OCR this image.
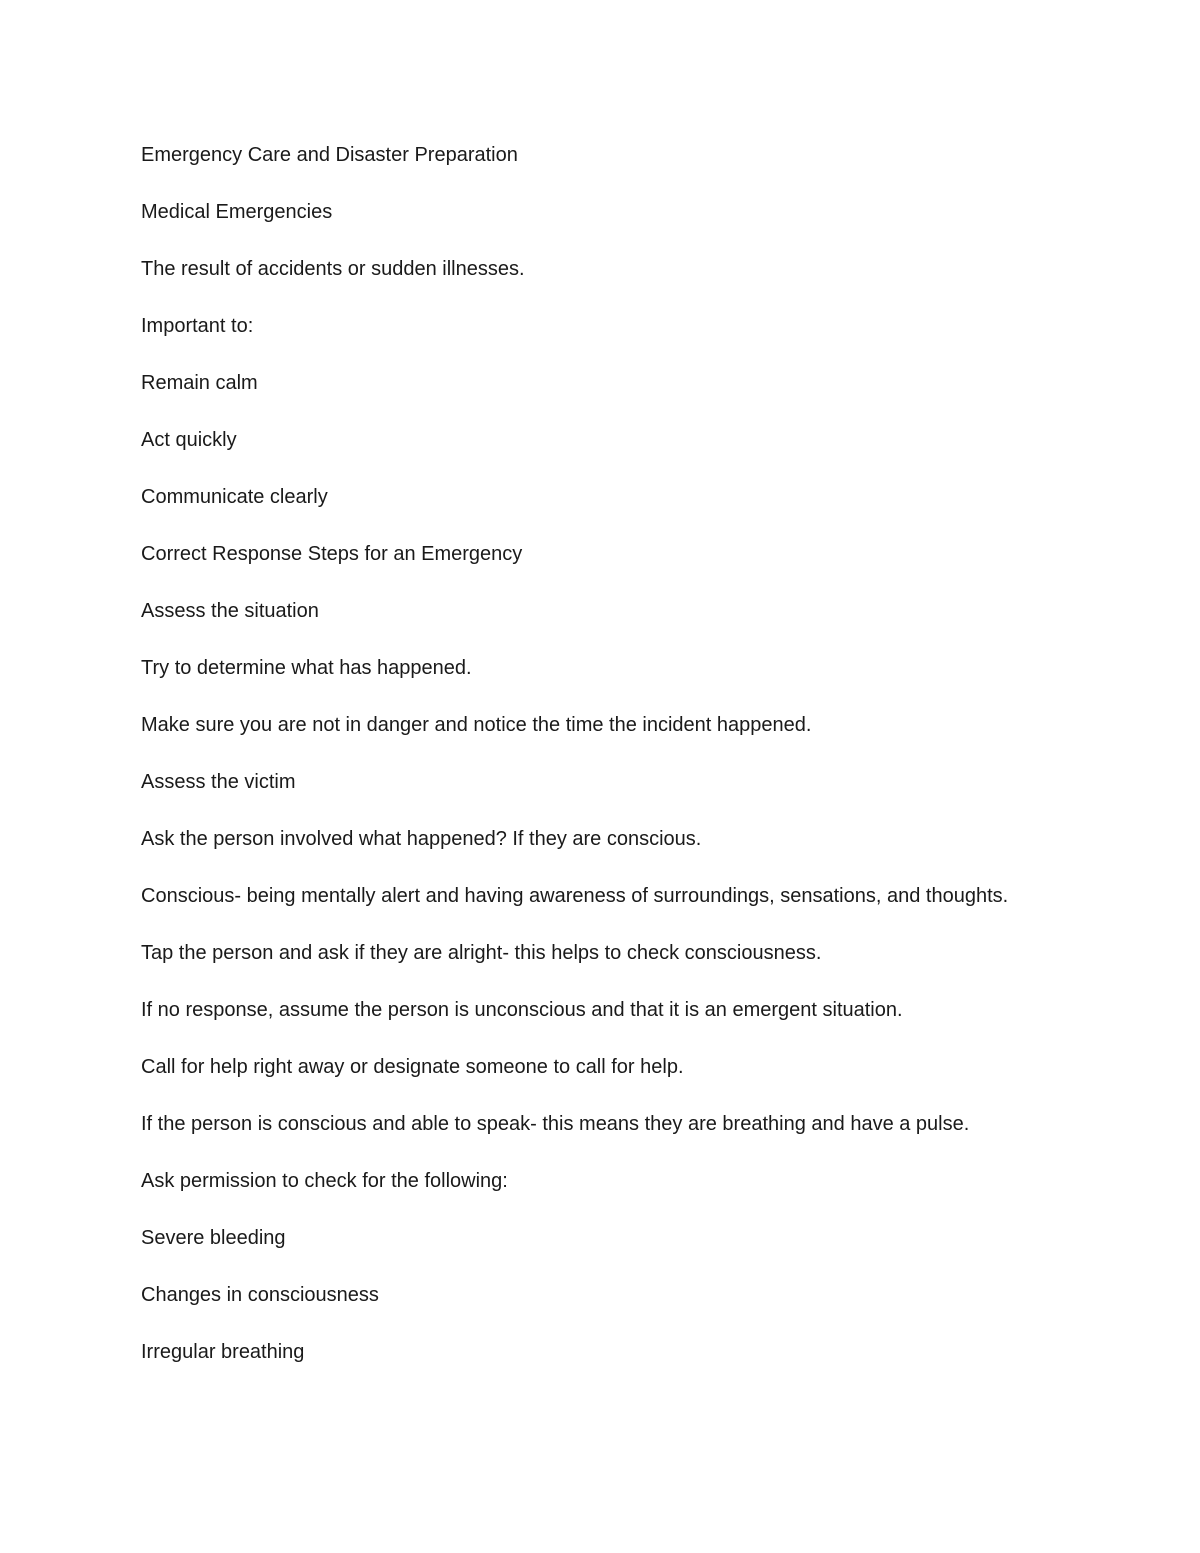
Emergency Care and Disaster Preparation

Medical Emergencies

The result of accidents or sudden illnesses.

Important to:

Remain calm

Act quickly

Communicate clearly

Correct Response Steps for an Emergency

Assess the situation

Try to determine what has happened.

Make sure you are not in danger and notice the time the incident happened.

Assess the victim

Ask the person involved what happened? If they are conscious.

Conscious- being mentally alert and having awareness of surroundings, sensations, and thoughts.

Tap the person and ask if they are alright- this helps to check consciousness.

If no response, assume the person is unconscious and that it is an emergent situation.

Call for help right away or designate someone to call for help.

If the person is conscious and able to speak- this means they are breathing and have a pulse.

Ask permission to check for the following:

Severe bleeding

Changes in consciousness

Irregular breathing
